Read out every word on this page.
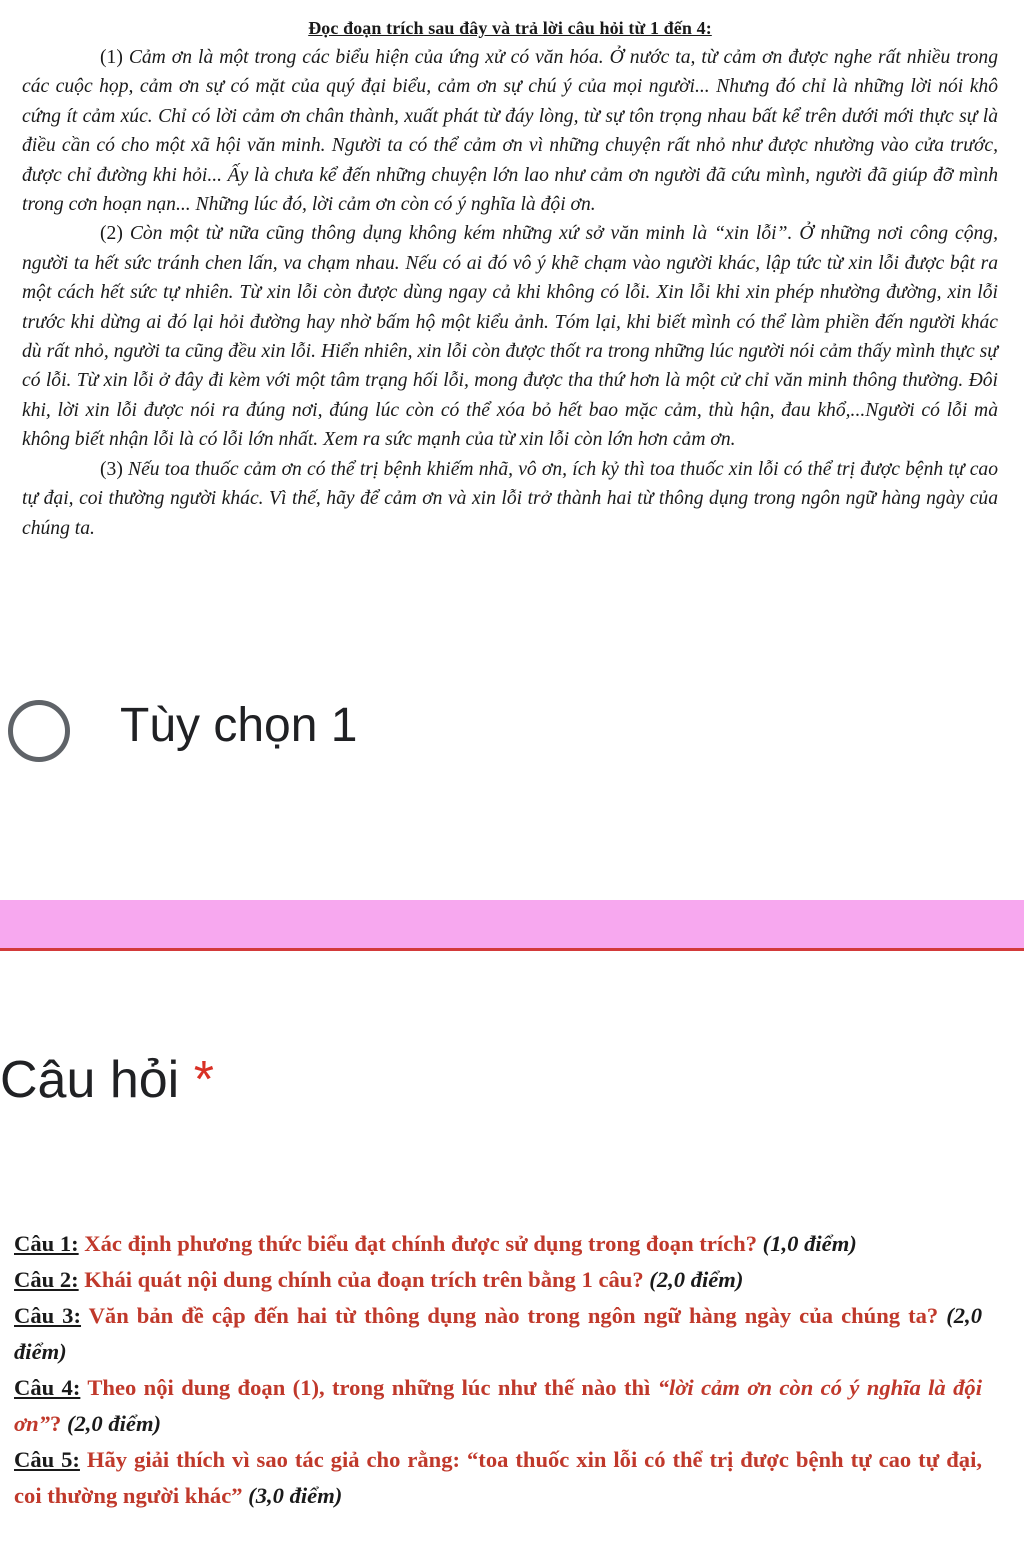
Đọc đoạn trích sau đây và trả lời câu hỏi từ 1 đến 4:

(1) Cảm ơn là một trong các biểu hiện của ứng xử có văn hóa. Ở nước ta, từ cảm ơn được nghe rất nhiều trong các cuộc họp, cảm ơn sự có mặt của quý đại biểu, cảm ơn sự chú ý của mọi người... Nhưng đó chỉ là những lời nói khô cứng ít cảm xúc. Chỉ có lời cảm ơn chân thành, xuất phát từ đáy lòng, từ sự tôn trọng nhau bất kể trên dưới mới thực sự là điều cần có cho một xã hội văn minh. Người ta có thể cảm ơn vì những chuyện rất nhỏ như được nhường vào cửa trước, được chỉ đường khi hỏi... Ấy là chưa kể đến những chuyện lớn lao như cảm ơn người đã cứu mình, người đã giúp đỡ mình trong cơn hoạn nạn... Những lúc đó, lời cảm ơn còn có ý nghĩa là đội ơn.

(2) Còn một từ nữa cũng thông dụng không kém những xứ sở văn minh là “xin lỗi”. Ở những nơi công cộng, người ta hết sức tránh chen lấn, va chạm nhau. Nếu có ai đó vô ý khẽ chạm vào người khác, lập tức từ xin lỗi được bật ra một cách hết sức tự nhiên. Từ xin lỗi còn được dùng ngay cả khi không có lỗi. Xin lỗi khi xin phép nhường đường, xin lỗi trước khi dừng ai đó lại hỏi đường hay nhờ bấm hộ một kiểu ảnh. Tóm lại, khi biết mình có thể làm phiền đến người khác dù rất nhỏ, người ta cũng đều xin lỗi. Hiển nhiên, xin lỗi còn được thốt ra trong những lúc người nói cảm thấy mình thực sự có lỗi. Từ xin lỗi ở đây đi kèm với một tâm trạng hối lỗi, mong được tha thứ hơn là một cử chỉ văn minh thông thường. Đôi khi, lời xin lỗi được nói ra đúng nơi, đúng lúc còn có thể xóa bỏ hết bao mặc cảm, thù hận, đau khổ,...Người có lỗi mà không biết nhận lỗi là có lỗi lớn nhất. Xem ra sức mạnh của từ xin lỗi còn lớn hơn cảm ơn.

(3) Nếu toa thuốc cảm ơn có thể trị bệnh khiếm nhã, vô ơn, ích kỷ thì toa thuốc xin lỗi có thể trị được bệnh tự cao tự đại, coi thường người khác. Vì thế, hãy để cảm ơn và xin lỗi trở thành hai từ thông dụng trong ngôn ngữ hàng ngày của chúng ta.

Tùy chọn 1
Câu hỏi *

Câu 1: Xác định phương thức biểu đạt chính được sử dụng trong đoạn trích? (1,0 điểm)

Câu 2: Khái quát nội dung chính của đoạn trích trên bằng 1 câu? (2,0 điểm)

Câu 3: Văn bản đề cập đến hai từ thông dụng nào trong ngôn ngữ hàng ngày của chúng ta? (2,0 điểm)

Câu 4: Theo nội dung đoạn (1), trong những lúc như thế nào thì “lời cảm ơn còn có ý nghĩa là đội ơn”? (2,0 điểm)

Câu 5: Hãy giải thích vì sao tác giả cho rằng: “toa thuốc xin lỗi có thể trị được bệnh tự cao tự đại, coi thường người khác” (3,0 điểm)
